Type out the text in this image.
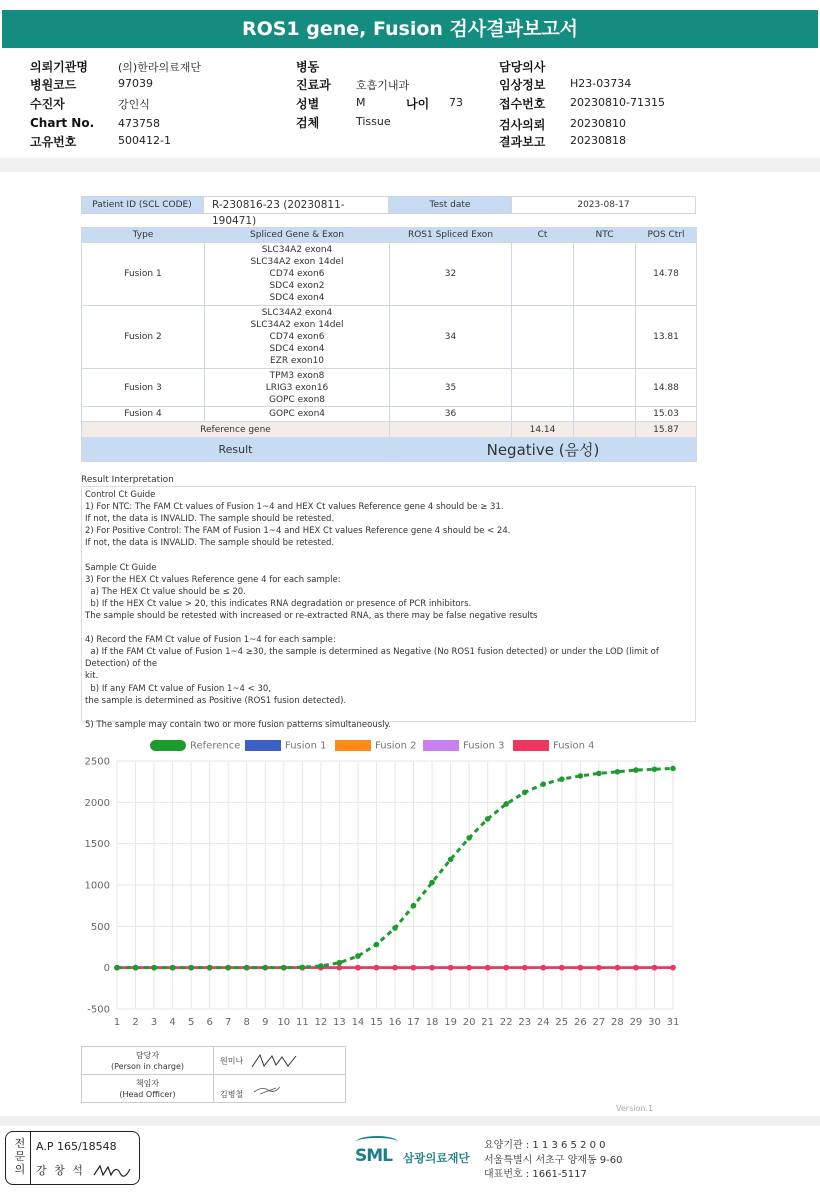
ROS1 gene, Fusion 검사결과보고서
의뢰기관명	(의)한라의료재단
병원코드	97039
수진자	강인식
Chart No. 473758
고유번호	500412-1
병동
진료과 호흡기내과
성별	M	나이 73
검체	Tissue
담당의사
임상정보 H23-03734
접수번호 20230810-71315
검사의뢰 20230810
결과보고 20230818
Patient ID (SCL CODE)	R-230816-23 (20230811-190471)
Test date	2023-08-17
Type	Spliced Gene & Exon	ROS1 Spliced Exon	Ct	NTC	POS Ctrl
Fusion 1	SLC34A2 exon4
SLC34A2 exon 14del
CD74 exon6
SDC4 exon2
SDC4 exon4	32			14.78
Fusion 2	SLC34A2 exon4
SLC34A2 exon 14del
CD74 exon6
SDC4 exon4
EZR exon10	34			13.81
Fusion 3	TPM3 exon8
LRIG3 exon16
GOPC exon8	35			14.88
Fusion 4	GOPC exon4	36			15.03
Reference gene			14.14		15.87
Result		Negative (음성)			
Result Interpretation
Control Ct Guide
1) For NTC: The FAM Ct values of Fusion 1~4 and HEX Ct values Reference gene 4 should be ≥ 31.
If not, the data is INVALID. The sample should be retested.
2) For Positive Control: The FAM of Fusion 1~4 and HEX Ct values Reference gene 4 should be < 24.
If not, the data is INVALID. The sample should be retested.
Sample Ct Guide
3) For the HEX Ct values Reference gene 4 for each sample:
a) The HEX Ct value should be ≤ 20.
b) If the HEX Ct value > 20, this indicates RNA degradation or presence of PCR inhibitors.
The sample should be retested with increased or re-extracted RNA, as there may be false negative results
4) Record the FAM Ct value of Fusion 1~4 for each sample:
a) If the FAM Ct value of Fusion 1~4 ≥30, the sample is determined as Negative (No ROS1 fusion detected) or under the LOD (limit of Detection) of the
kit.
b) If any FAM Ct value of Fusion 1~4 < 30,
the sample is determined as Positive (ROS1 fusion detected).
5) The sample may contain two or more fusion patterns simultaneously.
Reference	Fusion 1	Fusion 2	Fusion 3	Fusion 4
-500
0
500
1000
1500
2000
2500
1 2 3 4 5 6 7 8 9 10 11 12 13 14 15 16 17 18 19 20 21 22 23 24 25 26 27 28 29 30 31
담당자
(Person in charge)	원미나

책임자
(Head Officer)	김병철
Version.1
전
문
의
A.P 165/18548
강 창 석
SML 삼광의료재단
요양기관 : 1 1 3 6 5 2 0 0
서울특별시 서초구 양재동 9-60
대표번호 : 1661-5117
